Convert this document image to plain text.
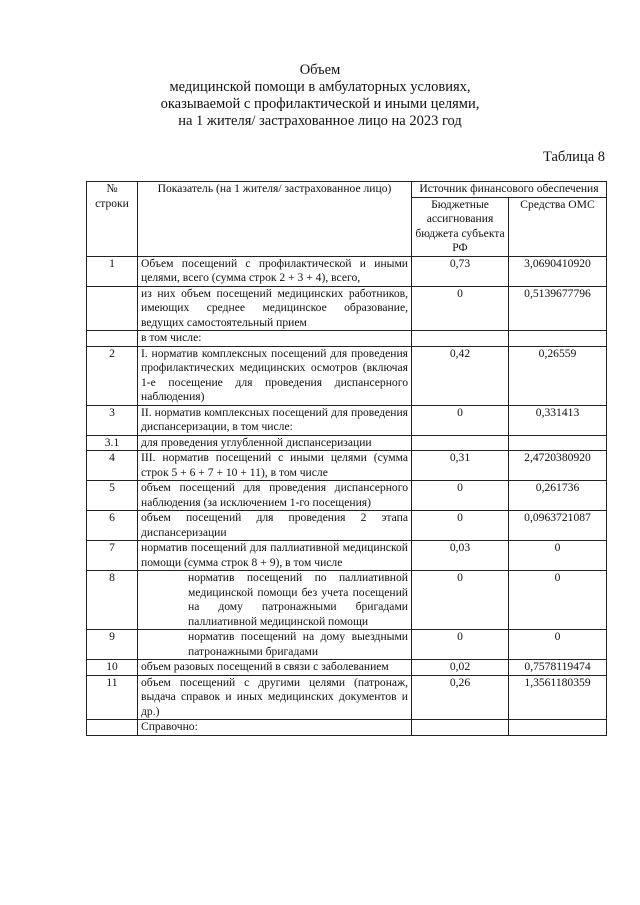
Объем
медицинской помощи в амбулаторных условиях,
оказываемой с профилактической и иными целями,
на 1 жителя/ застрахованное лицо на 2023 год
Таблица 8
№ строки	Показатель (на 1 жителя/ застрахованное лицо)	Источник финансового обеспечения	
		Бюджетные ассигнования бюджета субъекта РФ	Средства ОМС
1	Объем посещений с профилактической и иными целями, всего (сумма строк 2 + 3 + 4), всего,	0,73	3,0690410920
	из них объем посещений медицинских работников, имеющих среднее медицинское образование, ведущих самостоятельный прием	0	0,5139677796
	в том числе:		
2	I. норматив комплексных посещений для проведения профилактических медицинских осмотров (включая 1-е посещение для проведения диспансерного наблюдения)	0,42	0,26559
3	II. норматив комплексных посещений для проведения диспансеризации, в том числе:	0	0,331413
3.1	для проведения углубленной диспансеризации		
4	III. норматив посещений с иными целями (сумма строк 5 + 6 + 7 + 10 + 11), в том числе	0,31	2,4720380920
5	объем посещений для проведения диспансерного наблюдения (за исключением 1-го посещения)	0	0,261736
6	объем посещений для проведения 2 этапа диспансеризации	0	0,0963721087
7	норматив посещений для паллиативной медицинской помощи (сумма строк 8 + 9), в том числе	0,03	0
8	норматив посещений по паллиативной медицинской помощи без учета посещений на дому патронажными бригадами паллиативной медицинской помощи	0	0
9	норматив посещений на дому выездными патронажными бригадами	0	0
10	объем разовых посещений в связи с заболеванием	0,02	0,7578119474
11	объем посещений с другими целями (патронаж, выдача справок и иных медицинских документов и др.)	0,26	1,3561180359
	Справочно:		
